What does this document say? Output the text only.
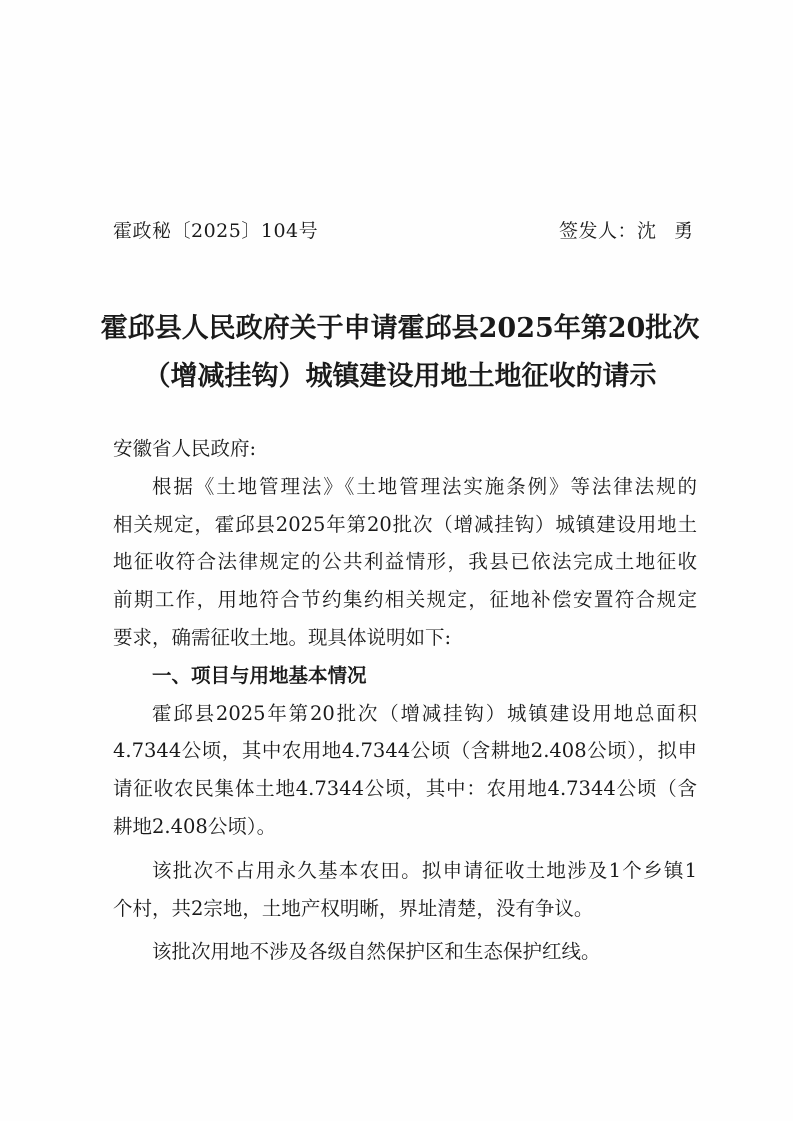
霍政秘〔2025〕104号	签发人： 沈勇
霍邱县人民政府关于申请霍邱县2025年第20批次
（增减挂钩）城镇建设用地土地征收的请示
安徽省人民政府:
根据《土地管理法》《土地管理法实施条例》等法律法规的
相关规定，霍邱县2025年第20批次（增减挂钩）城镇建设用地土
地征收符合法律规定的公共利益情形，我县已依法完成土地征收
前期工作，用地符合节约集约相关规定，征地补偿安置符合规定
要求，确需征收土地。现具体说明如下:
一、项目与用地基本情况
霍邱县2025年第20批次（增减挂钩）城镇建设用地总面积
4.7344公顷，其中农用地4.7344公顷（含耕地2.408公顷），拟申
请征收农民集体土地4.7344公顷，其中：农用地4.7344公顷（含
耕地2.408公顷）。
该批次不占用永久基本农田。拟申请征收土地涉及1个乡镇1
个村，共2宗地，土地产权明晰，界址清楚，没有争议。
该批次用地不涉及各级自然保护区和生态保护红线。
